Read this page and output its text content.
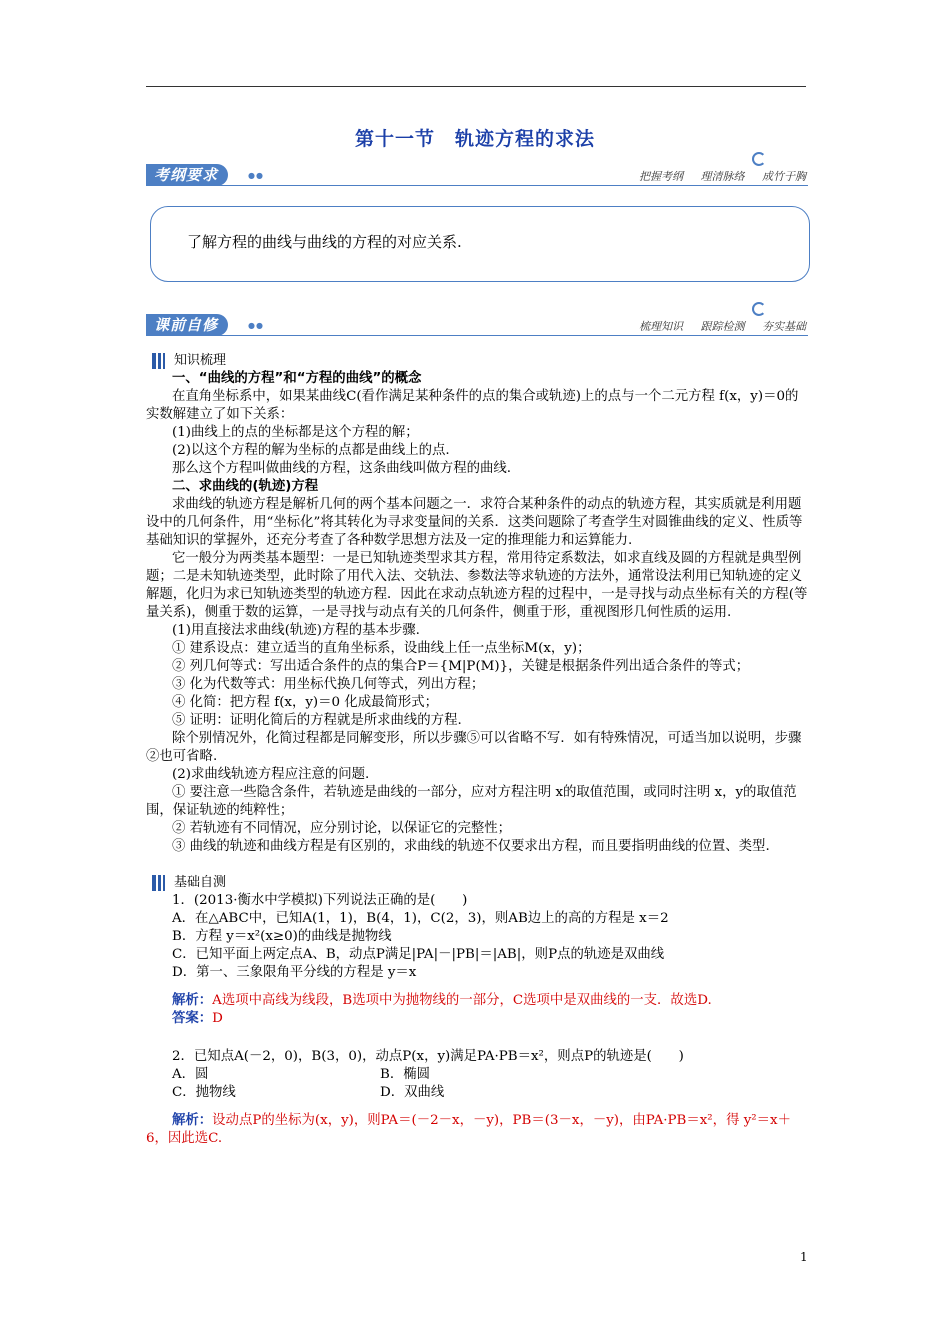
第十一节　轨迹方程的求法
考纲要求	●●	把握考纲 理清脉络 成竹于胸

了解方程的曲线与曲线的方程的对应关系.

课前自修	●●	梳理知识 跟踪检测 夯实基础

知识梳理

一、“曲线的方程”和“方程的曲线”的概念

在直角坐标系中，如果某曲线C(看作满足某种条件的点的集合或轨迹)上的点与一个二元方程 f(x，y)＝0的实数解建立了如下关系：

(1)曲线上的点的坐标都是这个方程的解；

(2)以这个方程的解为坐标的点都是曲线上的点.

那么这个方程叫做曲线的方程，这条曲线叫做方程的曲线.

二、求曲线的(轨迹)方程

求曲线的轨迹方程是解析几何的两个基本问题之一．求符合某种条件的动点的轨迹方程，其实质就是利用题设中的几何条件，用“坐标化”将其转化为寻求变量间的关系．这类问题除了考查学生对圆锥曲线的定义、性质等基础知识的掌握外，还充分考查了各种数学思想方法及一定的推理能力和运算能力.

它一般分为两类基本题型：一是已知轨迹类型求其方程，常用待定系数法，如求直线及圆的方程就是典型例题；二是未知轨迹类型，此时除了用代入法、交轨法、参数法等求轨迹的方法外，通常设法利用已知轨迹的定义解题，化归为求已知轨迹类型的轨迹方程．因此在求动点轨迹方程的过程中，一是寻找与动点坐标有关的方程(等量关系)，侧重于数的运算，一是寻找与动点有关的几何条件，侧重于形，重视图形几何性质的运用.

(1)用直接法求曲线(轨迹)方程的基本步骤.

① 建系设点：建立适当的直角坐标系，设曲线上任一点坐标M(x，y)；

② 列几何等式：写出适合条件的点的集合P＝{M|P(M)}，关键是根据条件列出适合条件的等式；

③ 化为代数等式：用坐标代换几何等式，列出方程；

④ 化简：把方程 f(x，y)＝0 化成最简形式；

⑤ 证明：证明化简后的方程就是所求曲线的方程.

除个别情况外，化简过程都是同解变形，所以步骤⑤可以省略不写．如有特殊情况，可适当加以说明，步骤②也可省略.

(2)求曲线轨迹方程应注意的问题.

① 要注意一些隐含条件，若轨迹是曲线的一部分，应对方程注明 x的取值范围，或同时注明 x，y的取值范围，保证轨迹的纯粹性；

② 若轨迹有不同情况，应分别讨论，以保证它的完整性；

③ 曲线的轨迹和曲线方程是有区别的，求曲线的轨迹不仅要求出方程，而且要指明曲线的位置、类型.

基础自测

1．(2013·衡水中学模拟)下列说法正确的是(　　)

A．在△ABC中，已知A(1，1)，B(4，1)，C(2，3)，则AB边上的高的方程是 x＝2

B．方程 y＝x²(x≥0)的曲线是抛物线

C．已知平面上两定点A、B，动点P满足|PA|－|PB|＝|AB|，则P点的轨迹是双曲线

D．第一、三象限角平分线的方程是 y＝x

解析：A选项中高线为线段，B选项中为抛物线的一部分，C选项中是双曲线的一支．故选D.

答案：D

2．已知点A(－2，0)，B(3，0)，动点P(x，y)满足PA·PB＝x²，则点P的轨迹是(　　)

A．圆	B．椭圆

C．抛物线	D．双曲线

解析：设动点P的坐标为(x，y)，则PA＝(－2－x，－y)，PB＝(3－x，－y)，由PA·PB＝x²，得 y²＝x＋6，因此选C.

1
